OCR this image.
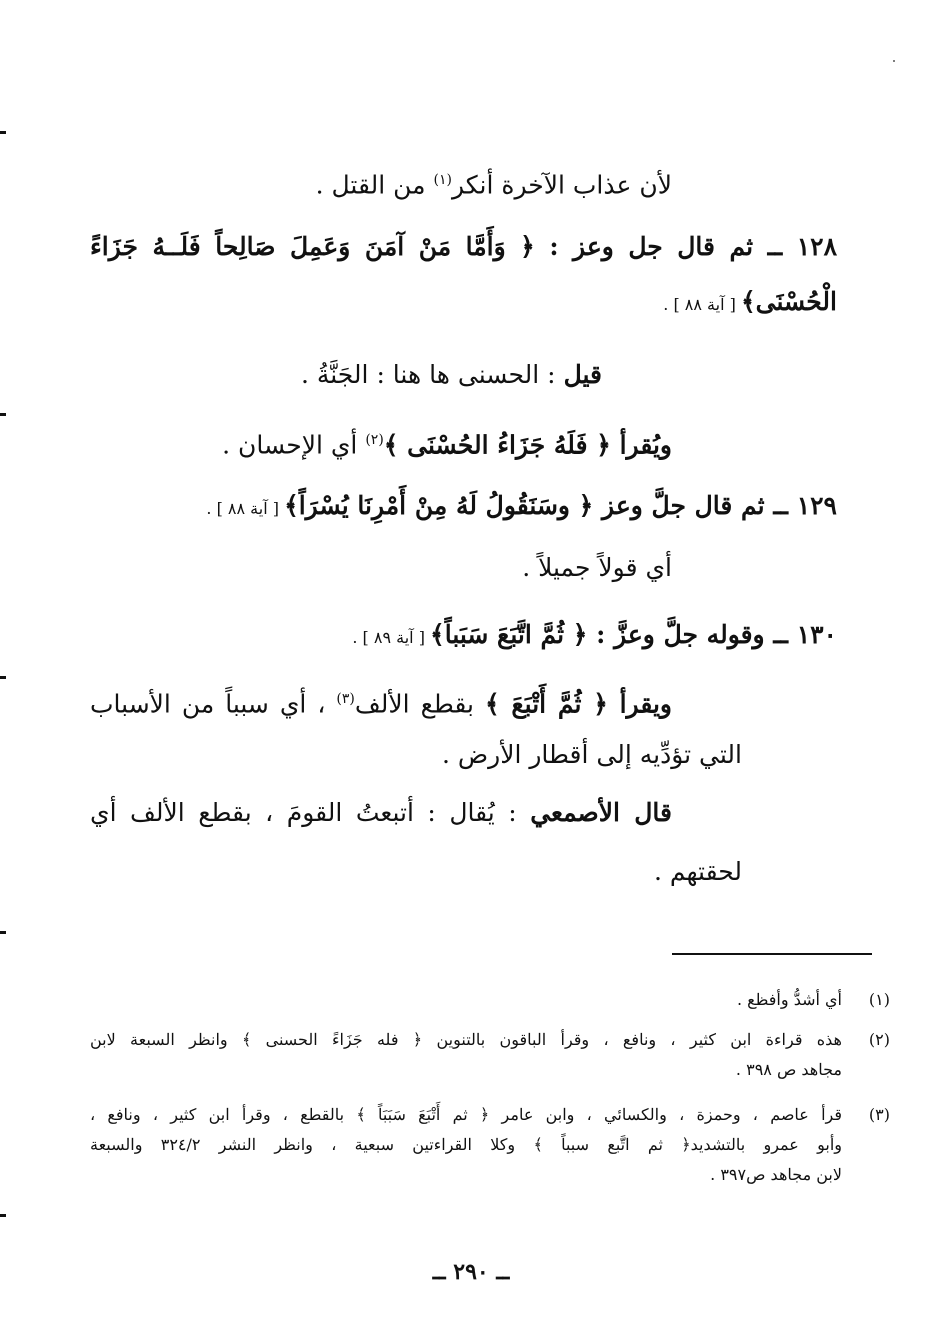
لأن عذاب الآخرة أنكر$^{(١)}$ من القتل .
١٢٨ ــ ثم قال جل وعز : ﴿ وَأَمَّا مَنْ آمَنَ وَعَمِلَ صَالِحاً فَلَــهُ جَزَاءً
الْحُسْنَى﴾ [ آية ٨٨ ] .
قيل : الحسنى ها هنا : الجَنَّةُ .
ويُقرأ ﴿ فَلَهُ جَزَاءُ الحُسْنَى ﴾$^{(٢)}$ أي الإحسان .
١٢٩ ــ ثم قال جلَّ وعز ﴿ وسَنَقُولُ لَهُ مِنْ أَمْرِنَا يُسْرَاً﴾ [ آية ٨٨ ] .
أي قولاً جميلاً .
١٣٠ ــ وقوله جلَّ وعزَّ : ﴿ ثُمَّ اتَّبَعَ سَبَباً﴾ [ آية ٨٩ ] .
ويقرأ ﴿ ثُمَّ أَتْبَعَ ﴾ بقطع الألف$^{(٣)}$ ، أي سبباً من الأسباب
التي تؤدِّيه إلى أقطار الأرض .
قال الأصمعي : يُقال : أتبعتُ القومَ ، بقطع الألف أي
لحقتهم .
(١)
أي أشدُّ وأفظع .
(٢)
هذه قراءة ابن كثير ، ونافع ، وقرأ الباقون بالتنوين ﴿ فله جَزَاءً الحسنى ﴾ وانظر السبعة لابن
مجاهد ص ٣٩٨ .
(٣)
قرأ عاصم ، وحمزة ، والكسائي ، وابن عامر ﴿ ثم أَتْبَعَ سَبَبَاً ﴾ بالقطع ، وقرأ ابن كثير ، ونافع ،
وأبو عمرو بالتشديد﴿ ثم اتَّبع سبباً ﴾ وكلا القراءتين سبعية ، وانظر النشر ٣٢٤/٢ والسبعة
لابن مجاهد ص٣٩٧ .
ــ ٢٩٠ ــ
